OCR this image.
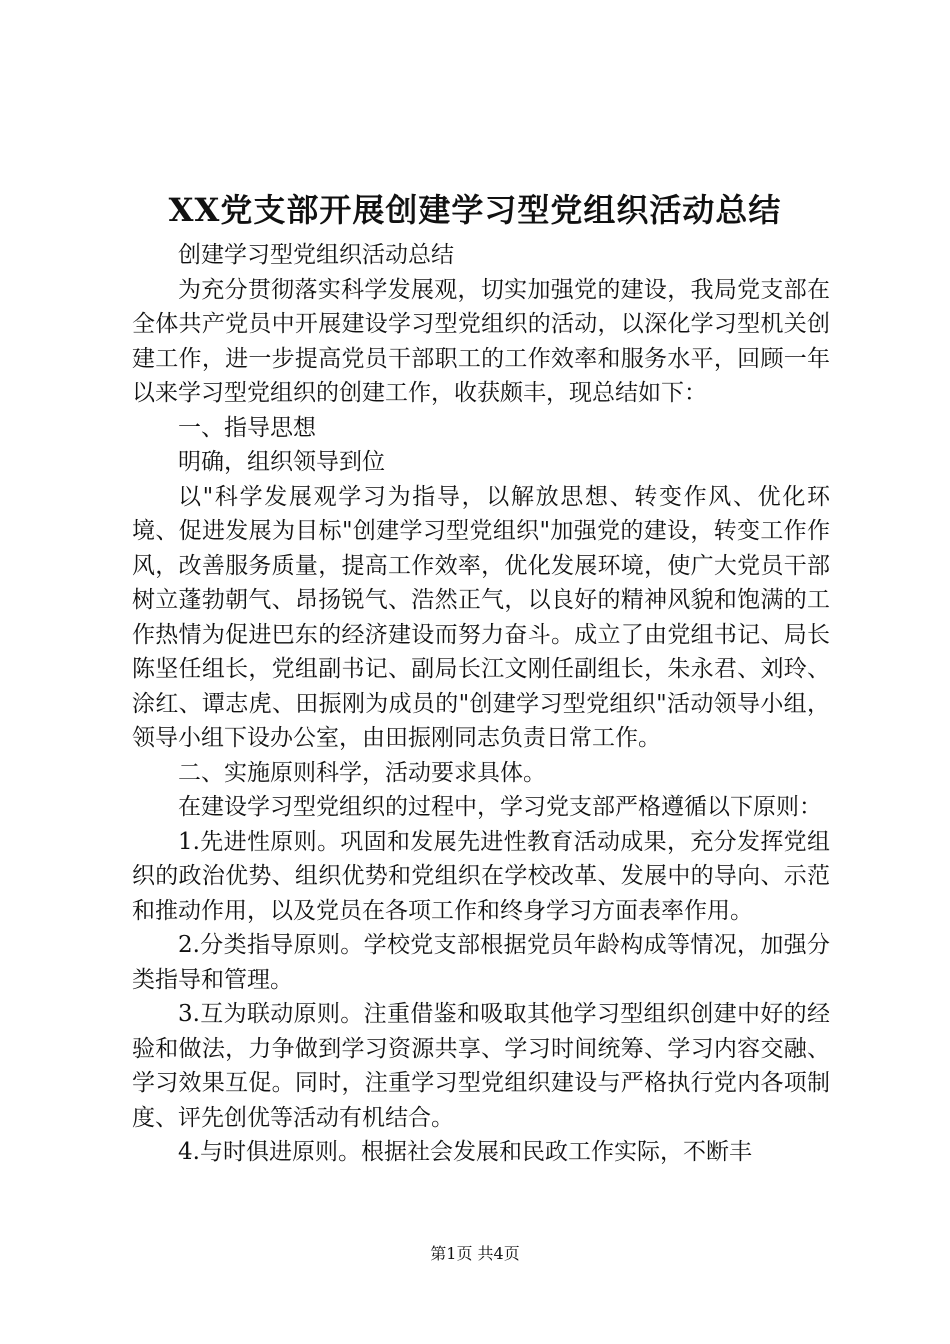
XX党支部开展创建学习型党组织活动总结

创建学习型党组织活动总结

为充分贯彻落实科学发展观，切实加强党的建设，我局党支部在全体共产党员中开展建设学习型党组织的活动，以深化学习型机关创建工作，进一步提高党员干部职工的工作效率和服务水平，回顾一年以来学习型党组织的创建工作，收获颇丰，现总结如下：

一、指导思想

明确，组织领导到位

以"科学发展观学习为指导，以解放思想、转变作风、优化环境、促进发展为目标"创建学习型党组织"加强党的建设，转变工作作风，改善服务质量，提高工作效率，优化发展环境，使广大党员干部树立蓬勃朝气、昂扬锐气、浩然正气，以良好的精神风貌和饱满的工作热情为促进巴东的经济建设而努力奋斗。成立了由党组书记、局长陈坚任组长，党组副书记、副局长江文刚任副组长，朱永君、刘玲、涂红、谭志虎、田振刚为成员的"创建学习型党组织"活动领导小组，领导小组下设办公室，由田振刚同志负责日常工作。

二、实施原则科学，活动要求具体。

在建设学习型党组织的过程中，学习党支部严格遵循以下原则：

1.先进性原则。巩固和发展先进性教育活动成果，充分发挥党组织的政治优势、组织优势和党组织在学校改革、发展中的导向、示范和推动作用，以及党员在各项工作和终身学习方面表率作用。

2.分类指导原则。学校党支部根据党员年龄构成等情况，加强分类指导和管理。

3.互为联动原则。注重借鉴和吸取其他学习型组织创建中好的经验和做法，力争做到学习资源共享、学习时间统筹、学习内容交融、学习效果互促。同时，注重学习型党组织建设与严格执行党内各项制度、评先创优等活动有机结合。

4.与时俱进原则。根据社会发展和民政工作实际，不断丰

第1页 共4页
